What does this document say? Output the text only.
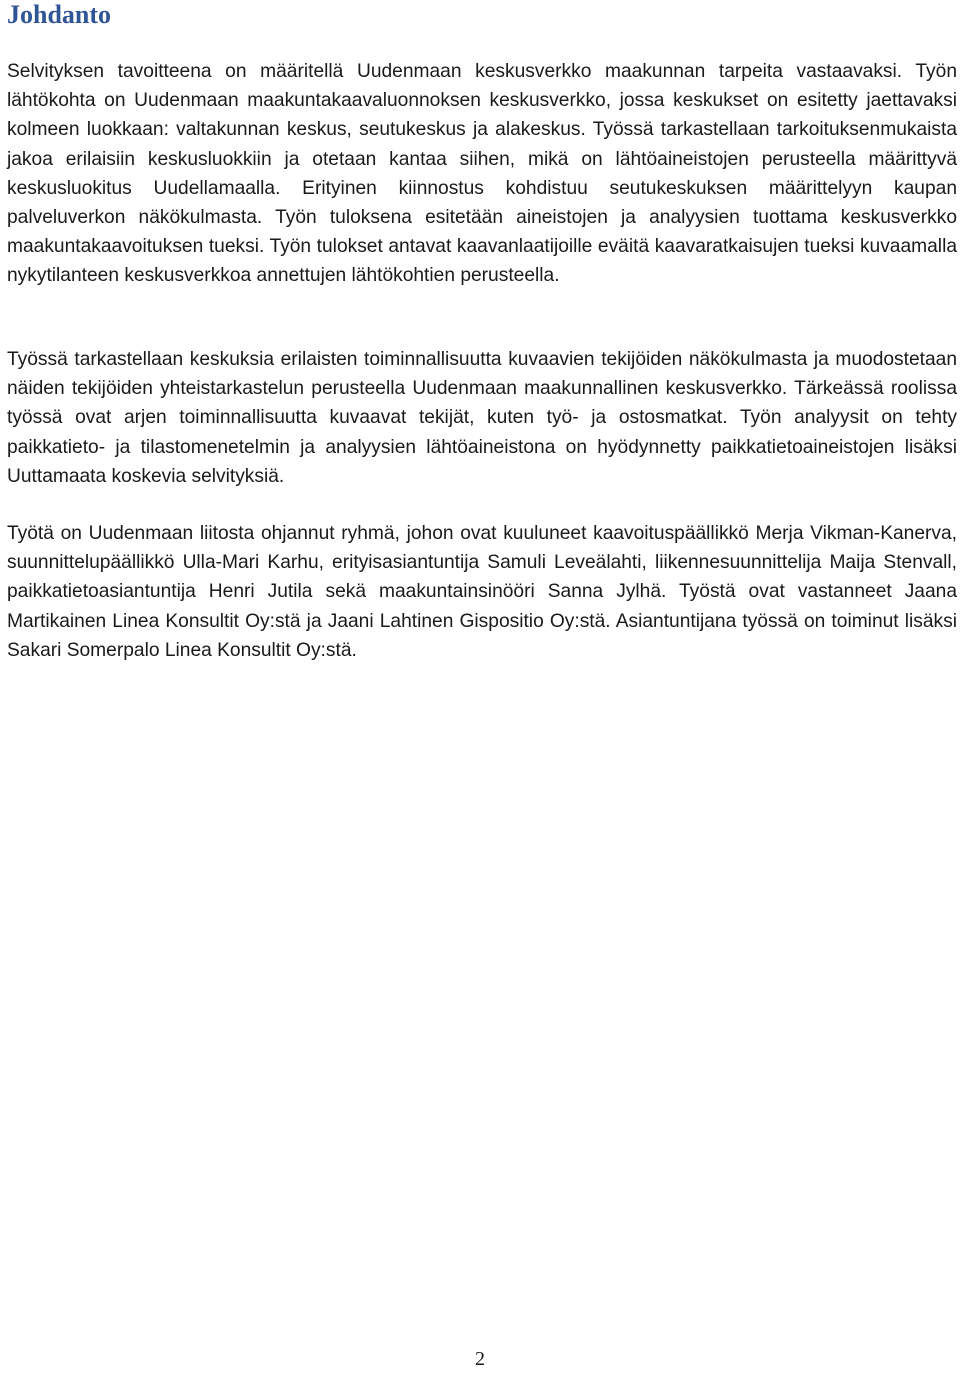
Johdanto

Selvityksen tavoitteena on määritellä Uudenmaan keskusverkko maakunnan tarpeita vastaavaksi. Työn lähtökohta on Uudenmaan maakuntakaavaluonnoksen keskusverkko, jossa keskukset on esitetty jaettavaksi kolmeen luokkaan: valtakunnan keskus, seutukeskus ja alakeskus. Työssä tarkastellaan tarkoituksenmukaista jakoa erilaisiin keskusluokkiin ja otetaan kantaa siihen, mikä on lähtöaineistojen perusteella määrittyvä keskusluokitus Uudellamaalla. Erityinen kiinnostus kohdistuu seutukeskuksen määrittelyyn kaupan palveluverkon näkökulmasta. Työn tuloksena esitetään aineistojen ja analyysien tuottama keskusverkko maakuntakaavoituksen tueksi. Työn tulokset antavat kaavanlaatijoille eväitä kaavaratkaisujen tueksi kuvaamalla nykytilanteen keskusverkkoa annettujen lähtökohtien perusteella.

Työssä tarkastellaan keskuksia erilaisten toiminnallisuutta kuvaavien tekijöiden näkökulmasta ja muodostetaan näiden tekijöiden yhteistarkastelun perusteella Uudenmaan maakunnallinen keskusverkko. Tärkeässä roolissa työssä ovat arjen toiminnallisuutta kuvaavat tekijät, kuten työ- ja ostosmatkat. Työn analyysit on tehty paikkatieto- ja tilastomenetelmin ja analyysien lähtöaineistona on hyödynnetty paikkatietoaineistojen lisäksi Uuttamaata koskevia selvityksiä.

Työtä on Uudenmaan liitosta ohjannut ryhmä, johon ovat kuuluneet kaavoituspäällikkö Merja Vikman-Kanerva, suunnittelupäällikkö Ulla-Mari Karhu, erityisasiantuntija Samuli Leveälahti, liikennesuunnittelija Maija Stenvall, paikkatietoasiantuntija Henri Jutila sekä maakuntainsinööri Sanna Jylhä. Työstä ovat vastanneet Jaana Martikainen Linea Konsultit Oy:stä ja Jaani Lahtinen Gispositio Oy:stä. Asiantuntijana työssä on toiminut lisäksi Sakari Somerpalo Linea Konsultit Oy:stä.

2
